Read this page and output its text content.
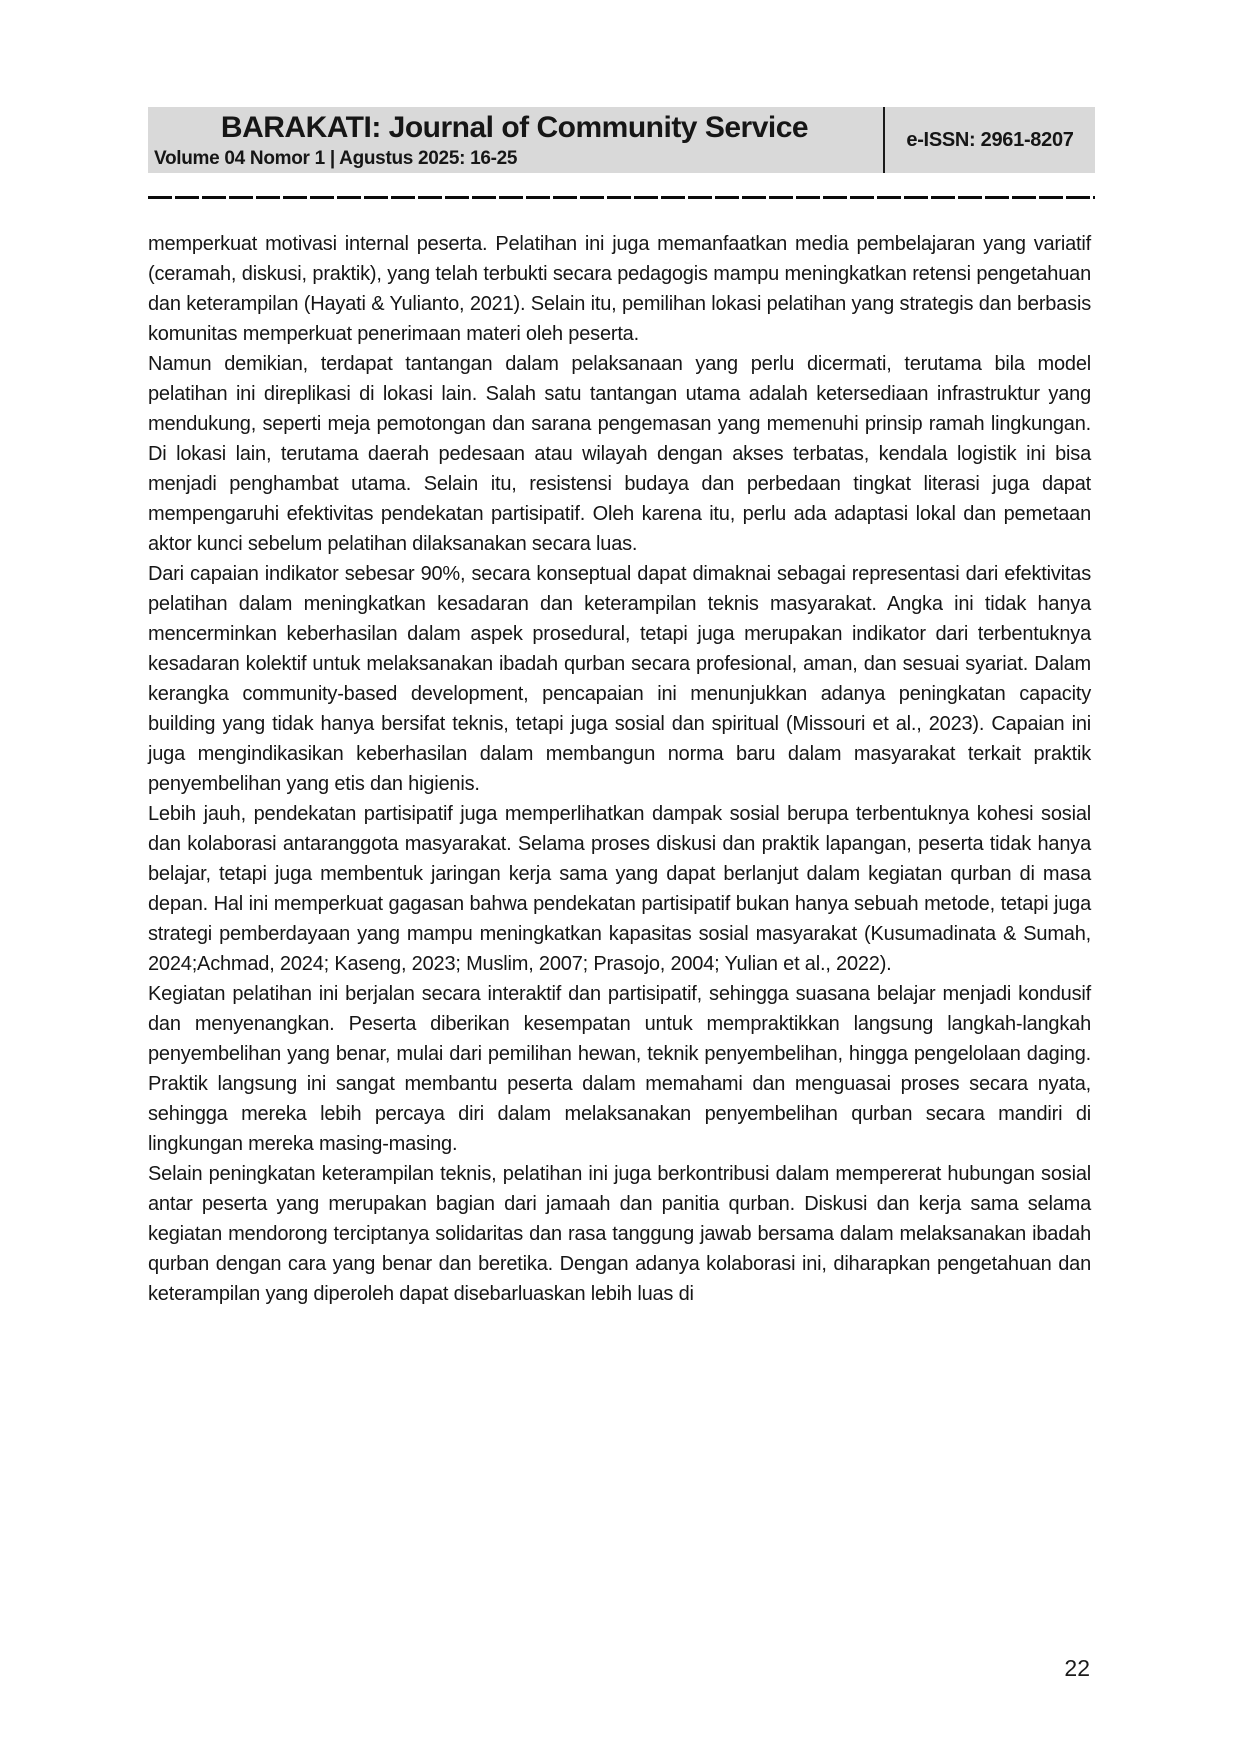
BARAKATI: Journal of Community Service
Volume 04 Nomor 1 | Agustus 2025: 16-25
e-ISSN: 2961-8207

memperkuat motivasi internal peserta. Pelatihan ini juga memanfaatkan media pembelajaran yang variatif (ceramah, diskusi, praktik), yang telah terbukti secara pedagogis mampu meningkatkan retensi pengetahuan dan keterampilan (Hayati & Yulianto, 2021). Selain itu, pemilihan lokasi pelatihan yang strategis dan berbasis komunitas memperkuat penerimaan materi oleh peserta.

Namun demikian, terdapat tantangan dalam pelaksanaan yang perlu dicermati, terutama bila model pelatihan ini direplikasi di lokasi lain. Salah satu tantangan utama adalah ketersediaan infrastruktur yang mendukung, seperti meja pemotongan dan sarana pengemasan yang memenuhi prinsip ramah lingkungan. Di lokasi lain, terutama daerah pedesaan atau wilayah dengan akses terbatas, kendala logistik ini bisa menjadi penghambat utama. Selain itu, resistensi budaya dan perbedaan tingkat literasi juga dapat mempengaruhi efektivitas pendekatan partisipatif. Oleh karena itu, perlu ada adaptasi lokal dan pemetaan aktor kunci sebelum pelatihan dilaksanakan secara luas.

Dari capaian indikator sebesar 90%, secara konseptual dapat dimaknai sebagai representasi dari efektivitas pelatihan dalam meningkatkan kesadaran dan keterampilan teknis masyarakat. Angka ini tidak hanya mencerminkan keberhasilan dalam aspek prosedural, tetapi juga merupakan indikator dari terbentuknya kesadaran kolektif untuk melaksanakan ibadah qurban secara profesional, aman, dan sesuai syariat. Dalam kerangka community-based development, pencapaian ini menunjukkan adanya peningkatan capacity building yang tidak hanya bersifat teknis, tetapi juga sosial dan spiritual (Missouri et al., 2023). Capaian ini juga mengindikasikan keberhasilan dalam membangun norma baru dalam masyarakat terkait praktik penyembelihan yang etis dan higienis.

Lebih jauh, pendekatan partisipatif juga memperlihatkan dampak sosial berupa terbentuknya kohesi sosial dan kolaborasi antaranggota masyarakat. Selama proses diskusi dan praktik lapangan, peserta tidak hanya belajar, tetapi juga membentuk jaringan kerja sama yang dapat berlanjut dalam kegiatan qurban di masa depan. Hal ini memperkuat gagasan bahwa pendekatan partisipatif bukan hanya sebuah metode, tetapi juga strategi pemberdayaan yang mampu meningkatkan kapasitas sosial masyarakat (Kusumadinata & Sumah, 2024;Achmad, 2024; Kaseng, 2023; Muslim, 2007; Prasojo, 2004; Yulian et al., 2022).

Kegiatan pelatihan ini berjalan secara interaktif dan partisipatif, sehingga suasana belajar menjadi kondusif dan menyenangkan. Peserta diberikan kesempatan untuk mempraktikkan langsung langkah-langkah penyembelihan yang benar, mulai dari pemilihan hewan, teknik penyembelihan, hingga pengelolaan daging. Praktik langsung ini sangat membantu peserta dalam memahami dan menguasai proses secara nyata, sehingga mereka lebih percaya diri dalam melaksanakan penyembelihan qurban secara mandiri di lingkungan mereka masing-masing.

Selain peningkatan keterampilan teknis, pelatihan ini juga berkontribusi dalam mempererat hubungan sosial antar peserta yang merupakan bagian dari jamaah dan panitia qurban. Diskusi dan kerja sama selama kegiatan mendorong terciptanya solidaritas dan rasa tanggung jawab bersama dalam melaksanakan ibadah qurban dengan cara yang benar dan beretika. Dengan adanya kolaborasi ini, diharapkan pengetahuan dan keterampilan yang diperoleh dapat disebarluaskan lebih luas di

22
